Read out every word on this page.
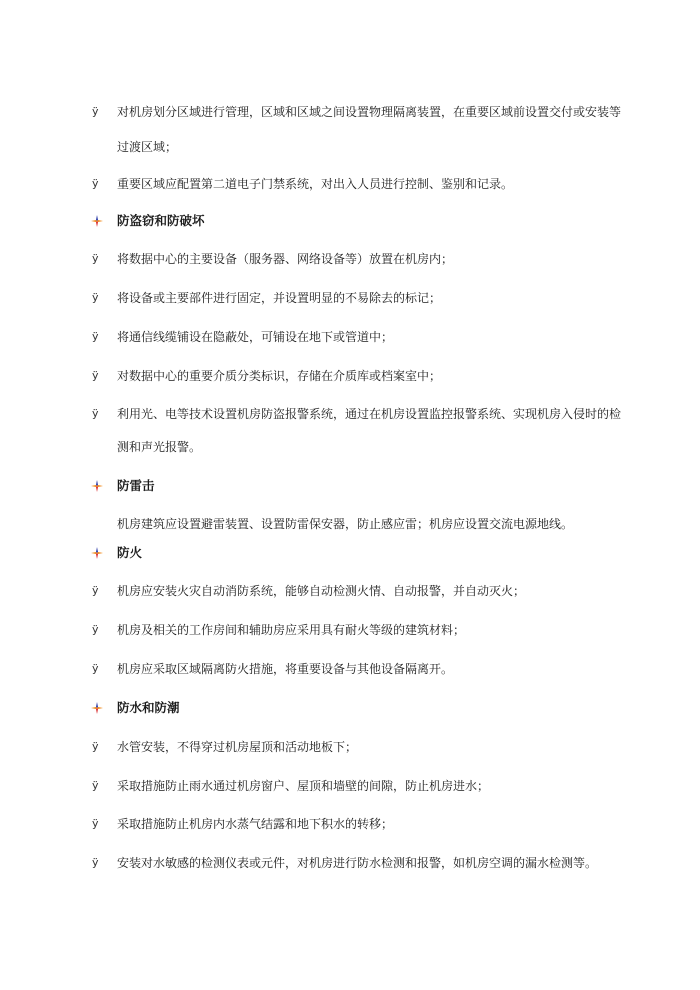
ÿ 对机房划分区域进行管理，区域和区域之间设置物理隔离装置，在重要区域前设置交付或安装等
过渡区域；
ÿ 重要区域应配置第二道电子门禁系统，对出入人员进行控制、鉴别和记录。
防盗窃和防破坏
ÿ 将数据中心的主要设备（服务器、网络设备等）放置在机房内；
ÿ 将设备或主要部件进行固定，并设置明显的不易除去的标记；
ÿ 将通信线缆铺设在隐蔽处，可铺设在地下或管道中；
ÿ 对数据中心的重要介质分类标识，存储在介质库或档案室中；
ÿ 利用光、电等技术设置机房防盗报警系统，通过在机房设置监控报警系统、实现机房入侵时的检
测和声光报警。
防雷击
机房建筑应设置避雷装置、设置防雷保安器，防止感应雷；机房应设置交流电源地线。
防火
ÿ 机房应安装火灾自动消防系统，能够自动检测火情、自动报警，并自动灭火；
ÿ 机房及相关的工作房间和辅助房应采用具有耐火等级的建筑材料；
ÿ 机房应采取区域隔离防火措施，将重要设备与其他设备隔离开。
防水和防潮
ÿ 水管安装，不得穿过机房屋顶和活动地板下；
ÿ 采取措施防止雨水通过机房窗户、屋顶和墙壁的间隙，防止机房进水；
ÿ 采取措施防止机房内水蒸气结露和地下积水的转移；
ÿ 安装对水敏感的检测仪表或元件，对机房进行防水检测和报警，如机房空调的漏水检测等。
